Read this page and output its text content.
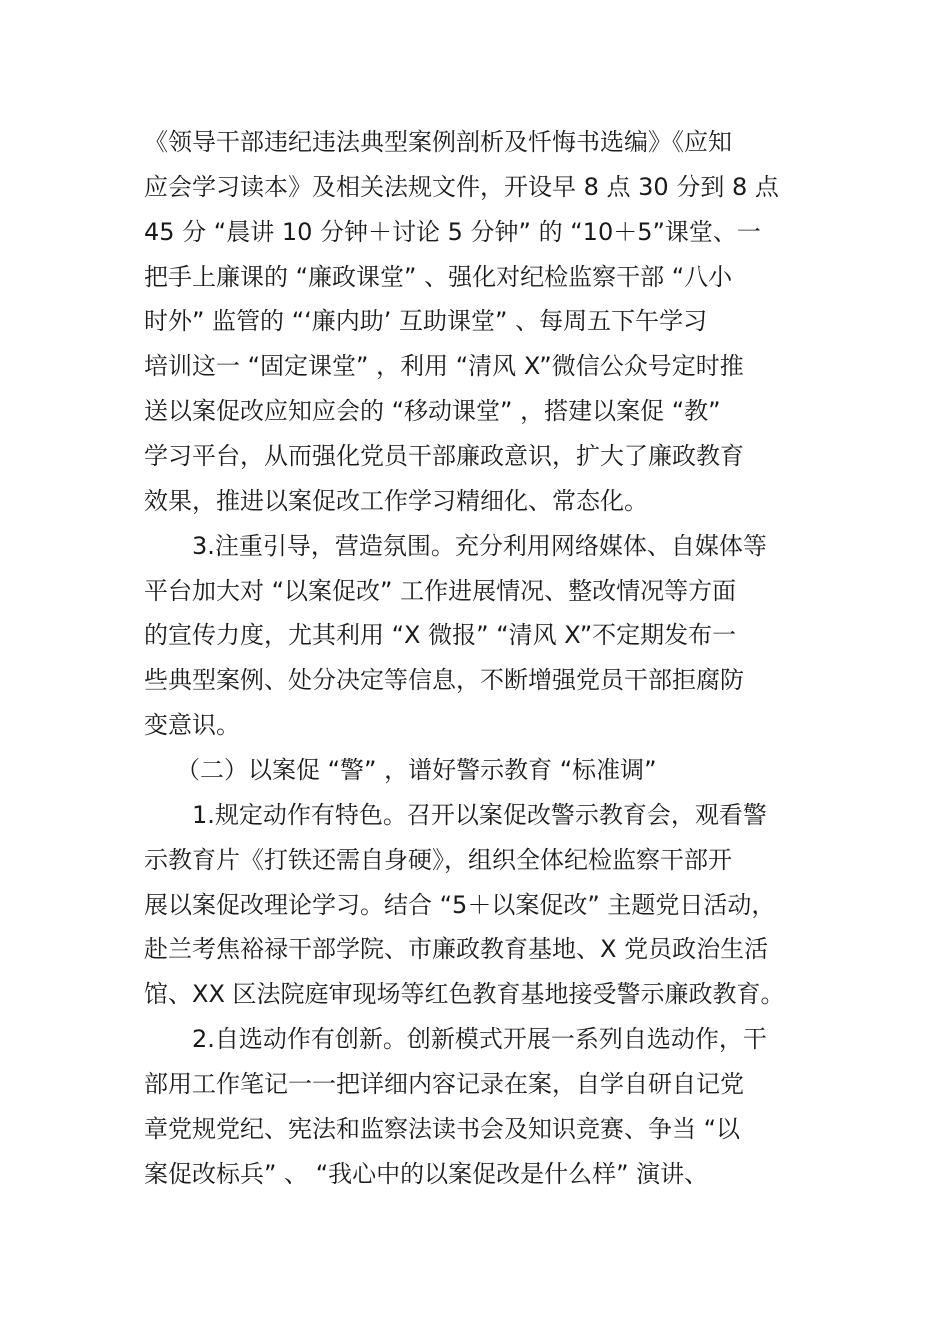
《领导干部违纪违法典型案例剖析及忏悔书选编》《应知
应会学习读本》及相关法规文件，开设早 8 点 30 分到 8 点
45 分 “晨讲 10 分钟＋讨论 5 分钟” 的 “10＋5”课堂、一
把手上廉课的 “廉政课堂” 、强化对纪检监察干部 “八小
时外” 监管的 “‘廉内助’ 互助课堂” 、每周五下午学习
培训这一 “固定课堂” ，利用 “清风 X”微信公众号定时推
送以案促改应知应会的 “移动课堂” ，搭建以案促 “教”
学习平台，从而强化党员干部廉政意识，扩大了廉政教育
效果，推进以案促改工作学习精细化、常态化。
3.注重引导，营造氛围。充分利用网络媒体、自媒体等
平台加大对 “以案促改” 工作进展情况、整改情况等方面
的宣传力度，尤其利用 “X 微报” “清风 X”不定期发布一
些典型案例、处分决定等信息，不断增强党员干部拒腐防
变意识。
（二）以案促 “警” ，谱好警示教育 “标准调”
1.规定动作有特色。召开以案促改警示教育会，观看警
示教育片《打铁还需自身硬》，组织全体纪检监察干部开
展以案促改理论学习。结合 “5＋以案促改” 主题党日活动，
赴兰考焦裕禄干部学院、市廉政教育基地、X 党员政治生活
馆、XX 区法院庭审现场等红色教育基地接受警示廉政教育。
2.自选动作有创新。创新模式开展一系列自选动作，干
部用工作笔记一一把详细内容记录在案，自学自研自记党
章党规党纪、宪法和监察法读书会及知识竞赛、争当 “以
案促改标兵” 、 “我心中的以案促改是什么样” 演讲、
